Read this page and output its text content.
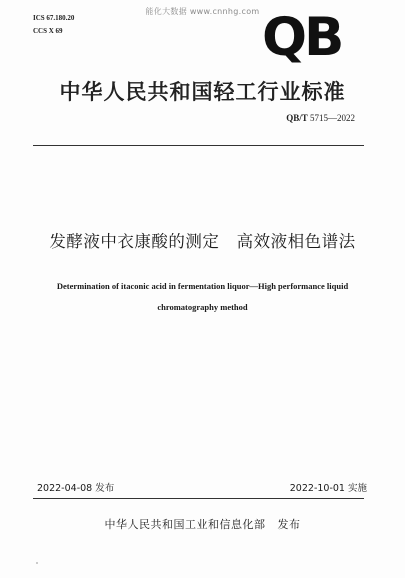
能化大数据 www.cnnhg.com
ICS 67.180.20
CCS X 69	QB
中华人民共和国轻工行业标准
QB/T 5715—2022
发酵液中衣康酸的测定   高效液相色谱法
Determination of itaconic acid in fermentation liquor—High performance liquid
chromatography method
2022-04-08 发布	2022-10-01 实施
中华人民共和国工业和信息化部   发布
